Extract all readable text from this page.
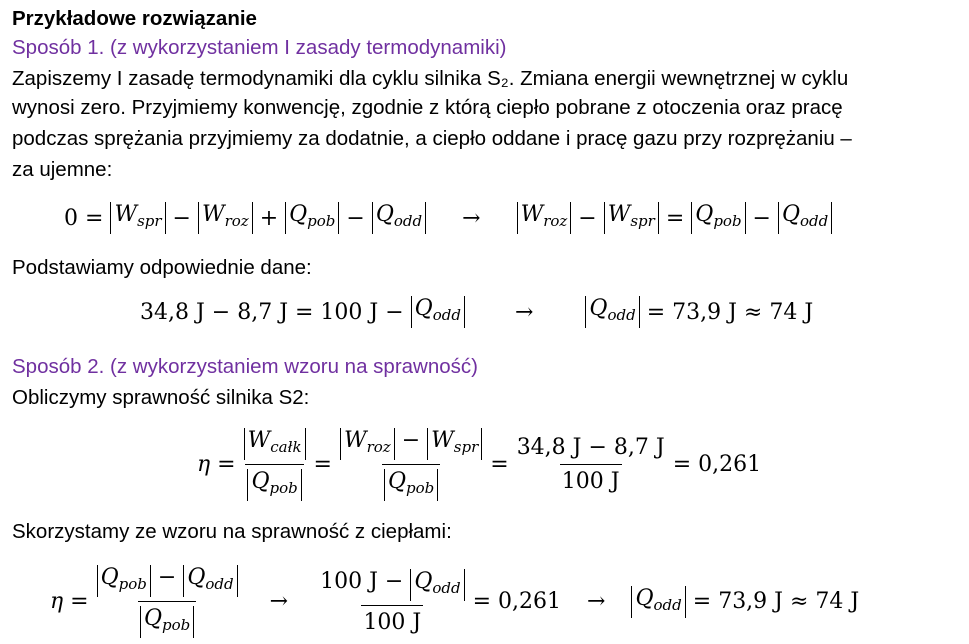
Przykładowe rozwiązanie
Sposób 1. (z wykorzystaniem I zasady termodynamiki)
Zapiszemy I zasadę termodynamiki dla cyklu silnika S₂. Zmiana energii wewnętrznej w cyklu
wynosi zero. Przyjmiemy konwencję, zgodnie z którą ciepło pobrane z otoczenia oraz pracę
podczas sprężania przyjmiemy za dodatnie, a ciepło oddane i pracę gazu przy rozprężaniu –
za ujemne:
0 =
$W_{spr} - W_{roz} + Q_{pob} - Q_{odd} \to W_{roz} - W_{spr} = Q_{pob} - Q_{odd}$
Podstawiamy odpowiednie dane:
34,8 J − 8,7 J = 100 J −
$Q_{odd}$ →	$Q_{odd}$
= 73,9 J ≈ 74 J
Sposób 2. (z wykorzystaniem wzoru na sprawność)
Obliczymy sprawność silnika S2:
$\eta = \frac{W_{całk}}{Q_{pob}} = \frac{W_{roz} - W_{spr}}{Q_{pob}} = \frac{34,8 J - 8,7 J}{100 J} = 0,261$
Skorzystamy ze wzoru na sprawność z ciepłami:
$\eta = \frac{Q_{pob} - Q_{odd}}{Q_{pob}} \to \frac{100 J - Q_{odd}}{100 J} = 0,261 \to Q_{odd}$
= 73,9 J ≈ 74 J
